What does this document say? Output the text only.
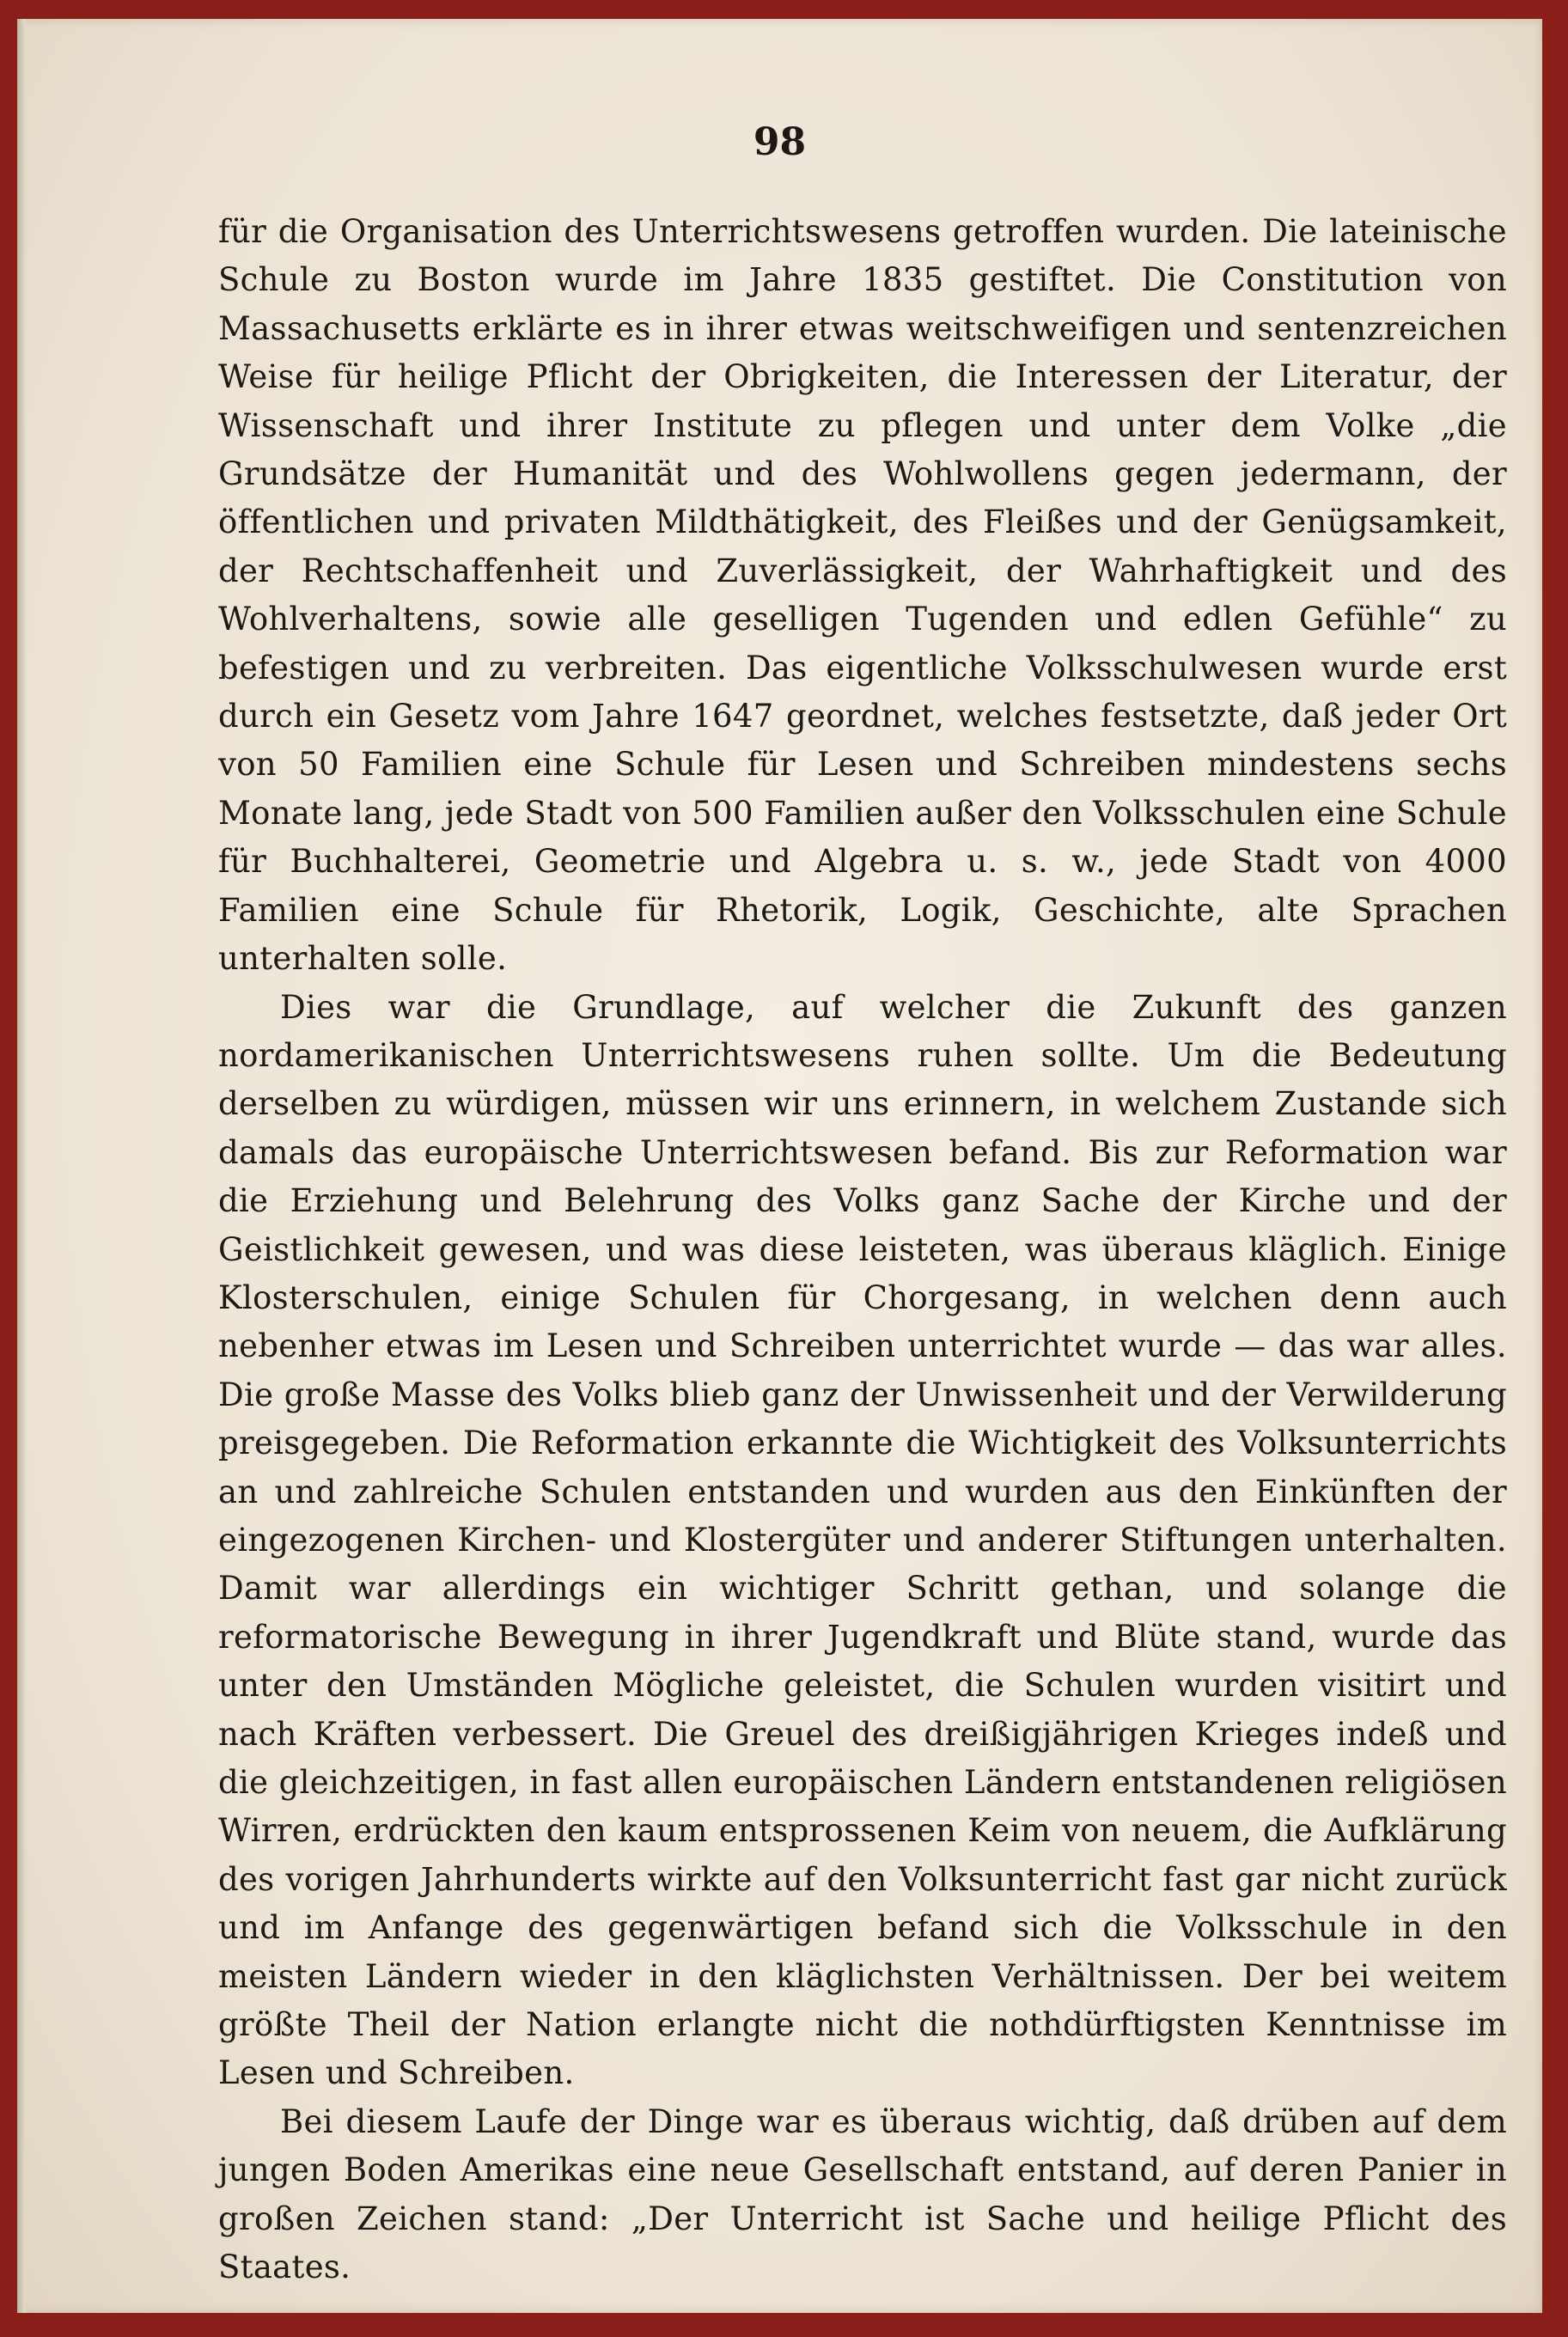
98

für die Organisation des Unterrichtswesens getroffen wurden. Die lateinische Schule zu Boston wurde im Jahre 1835 gestiftet. Die Constitution von Massachusetts erklärte es in ihrer etwas weitschweifigen und sentenzreichen Weise für heilige Pflicht der Obrigkeiten, die Interessen der Literatur, der Wissenschaft und ihrer Institute zu pflegen und unter dem Volke „die Grundsätze der Humanität und des Wohlwollens gegen jedermann, der öffentlichen und privaten Mildthätigkeit, des Fleißes und der Genügsamkeit, der Rechtschaffenheit und Zuverlässigkeit, der Wahrhaftigkeit und des Wohlverhaltens, sowie alle geselligen Tugenden und edlen Gefühle“ zu befestigen und zu verbreiten. Das eigentliche Volksschulwesen wurde erst durch ein Gesetz vom Jahre 1647 geordnet, welches festsetzte, daß jeder Ort von 50 Familien eine Schule für Lesen und Schreiben mindestens sechs Monate lang, jede Stadt von 500 Familien außer den Volksschulen eine Schule für Buchhalterei, Geometrie und Algebra u. s. w., jede Stadt von 4000 Familien eine Schule für Rhetorik, Logik, Geschichte, alte Sprachen unterhalten solle.

Dies war die Grundlage, auf welcher die Zukunft des ganzen nordamerikanischen Unterrichtswesens ruhen sollte. Um die Bedeutung derselben zu würdigen, müssen wir uns erinnern, in welchem Zustande sich damals das europäische Unterrichtswesen befand. Bis zur Reformation war die Erziehung und Belehrung des Volks ganz Sache der Kirche und der Geistlichkeit gewesen, und was diese leisteten, was überaus kläglich. Einige Klosterschulen, einige Schulen für Chorgesang, in welchen denn auch nebenher etwas im Lesen und Schreiben unterrichtet wurde — das war alles. Die große Masse des Volks blieb ganz der Unwissenheit und der Verwilderung preisgegeben. Die Reformation erkannte die Wichtigkeit des Volksunterrichts an und zahlreiche Schulen entstanden und wurden aus den Einkünften der eingezogenen Kirchen- und Klostergüter und anderer Stiftungen unterhalten. Damit war allerdings ein wichtiger Schritt gethan, und solange die reformatorische Bewegung in ihrer Jugendkraft und Blüte stand, wurde das unter den Umständen Mögliche geleistet, die Schulen wurden visitirt und nach Kräften verbessert. Die Greuel des dreißigjährigen Krieges indeß und die gleichzeitigen, in fast allen europäischen Ländern entstandenen religiösen Wirren, erdrückten den kaum entsprossenen Keim von neuem, die Aufklärung des vorigen Jahrhunderts wirkte auf den Volksunterricht fast gar nicht zurück und im Anfange des gegenwärtigen befand sich die Volksschule in den meisten Ländern wieder in den kläglichsten Verhältnissen. Der bei weitem größte Theil der Nation erlangte nicht die nothdürftigsten Kenntnisse im Lesen und Schreiben.

Bei diesem Laufe der Dinge war es überaus wichtig, daß drüben auf dem jungen Boden Amerikas eine neue Gesellschaft entstand, auf deren Panier in großen Zeichen stand: „Der Unterricht ist Sache und heilige Pflicht des Staates.
